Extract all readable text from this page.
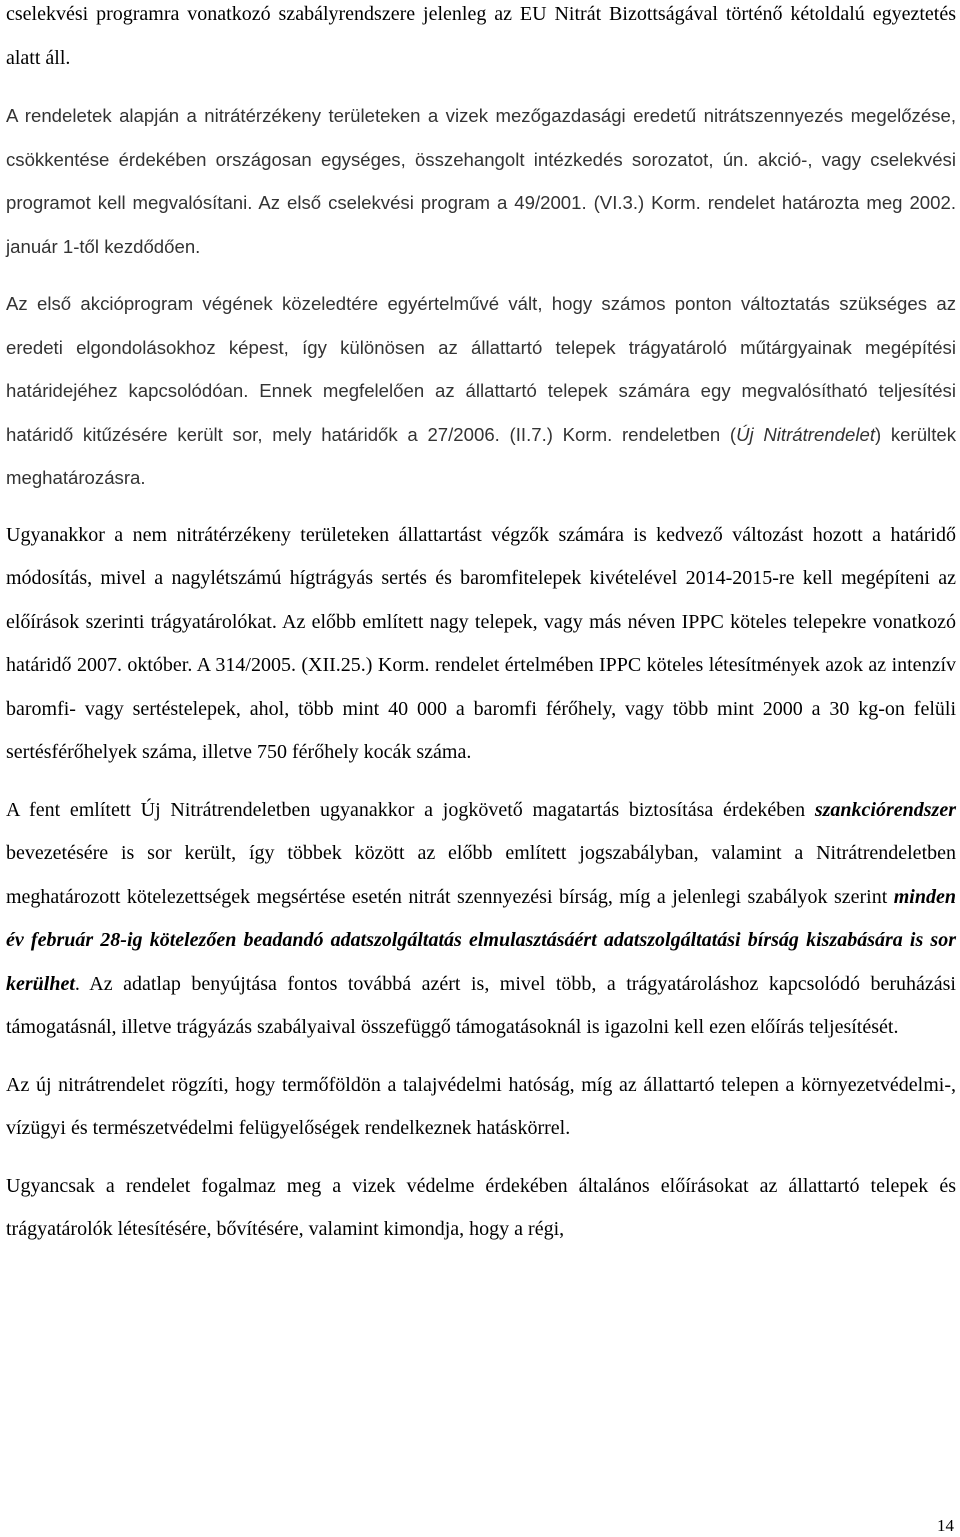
cselekvési programra vonatkozó szabályrendszere jelenleg az EU Nitrát Bizottságával történő kétoldalú egyeztetés alatt áll.

A rendeletek alapján a nitrátérzékeny területeken a vizek mezőgazdasági eredetű nitrátszennyezés megelőzése, csökkentése érdekében országosan egységes, összehangolt intézkedés sorozatot, ún. akció-, vagy cselekvési programot kell megvalósítani. Az első cselekvési program a 49/2001. (VI.3.) Korm. rendelet határozta meg 2002. január 1-től kezdődően.

Az első akcióprogram végének közeledtére egyértelművé vált, hogy számos ponton változtatás szükséges az eredeti elgondolásokhoz képest, így különösen az állattartó telepek trágyatároló műtárgyainak megépítési határidejéhez kapcsolódóan. Ennek megfelelően az állattartó telepek számára egy megvalósítható teljesítési határidő kitűzésére került sor, mely határidők a 27/2006. (II.7.) Korm. rendeletben (Új Nitrátrendelet) kerültek meghatározásra.

Ugyanakkor a nem nitrátérzékeny területeken állattartást végzők számára is kedvező változást hozott a határidő módosítás, mivel a nagylétszámú hígtrágyás sertés és baromfitelepek kivételével 2014-2015-re kell megépíteni az előírások szerinti trágyatárolókat. Az előbb említett nagy telepek, vagy más néven IPPC köteles telepekre vonatkozó határidő 2007. október. A 314/2005. (XII.25.) Korm. rendelet értelmében IPPC köteles létesítmények azok az intenzív baromfi- vagy sertéstelepek, ahol, több mint 40 000 a baromfi férőhely, vagy több mint 2000 a 30 kg-on felüli sertésférőhelyek száma, illetve 750 férőhely kocák száma.

A fent említett Új Nitrátrendeletben ugyanakkor a jogkövető magatartás biztosítása érdekében szankciórendszer bevezetésére is sor került, így többek között az előbb említett jogszabályban, valamint a Nitrátrendeletben meghatározott kötelezettségek megsértése esetén nitrát szennyezési bírság, míg a jelenlegi szabályok szerint minden év február 28-ig kötelezően beadandó adatszolgáltatás elmulasztásáért adatszolgáltatási bírság kiszabására is sor kerülhet. Az adatlap benyújtása fontos továbbá azért is, mivel több, a trágyatároláshoz kapcsolódó beruházási támogatásnál, illetve trágyázás szabályaival összefüggő támogatásoknál is igazolni kell ezen előírás teljesítését.

Az új nitrátrendelet rögzíti, hogy termőföldön a talajvédelmi hatóság, míg az állattartó telepen a környezetvédelmi-, vízügyi és természetvédelmi felügyelőségek rendelkeznek hatáskörrel.

Ugyancsak a rendelet fogalmaz meg a vizek védelme érdekében általános előírásokat az állattartó telepek és trágyatárolók létesítésére, bővítésére, valamint kimondja, hogy a régi,

14
